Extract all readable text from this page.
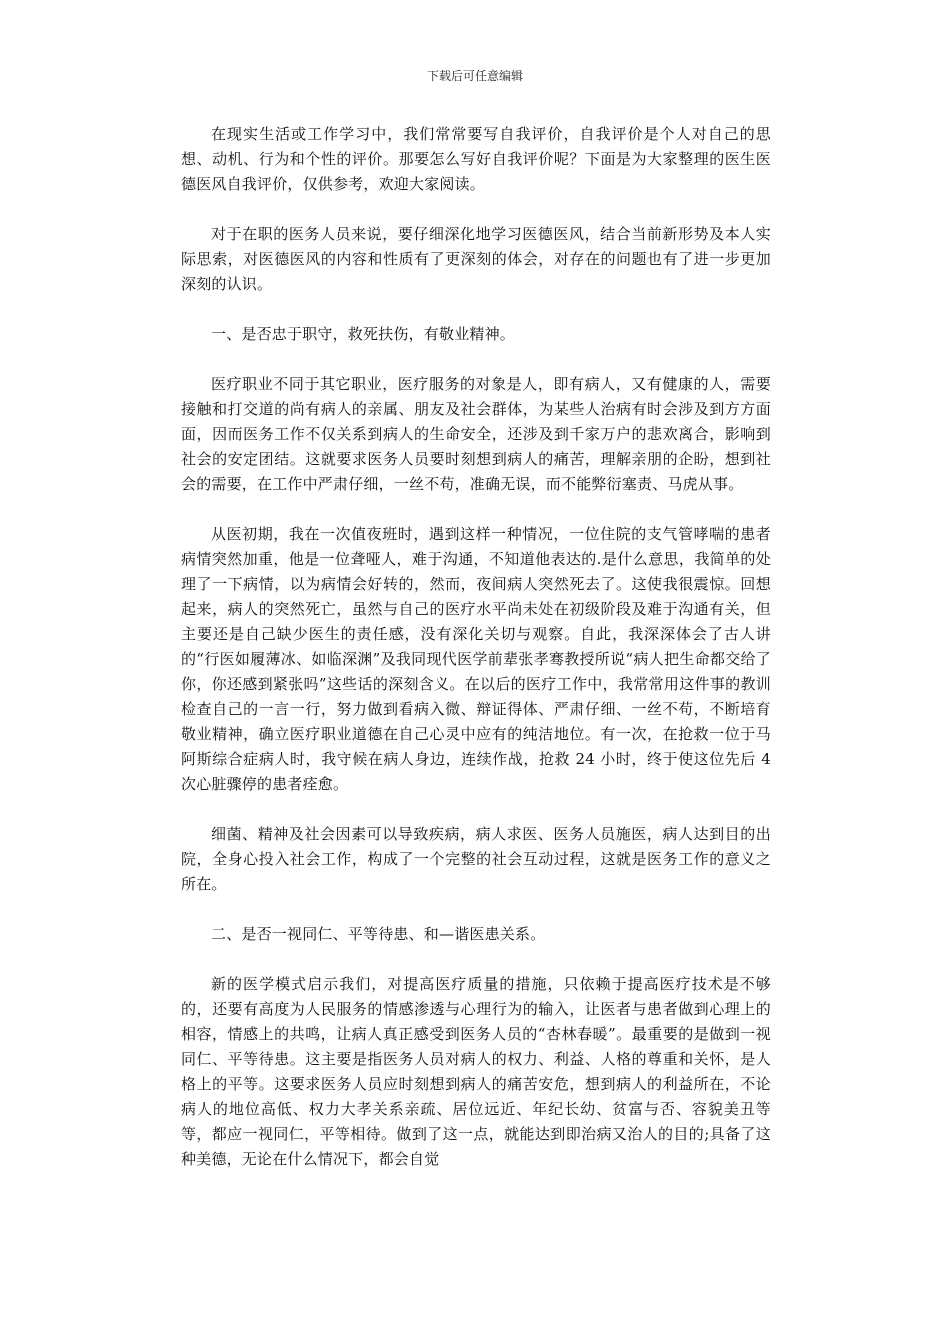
下载后可任意编辑

在现实生活或工作学习中，我们常常要写自我评价，自我评价是个人对自己的思想、动机、行为和个性的评价。那要怎么写好自我评价呢？下面是为大家整理的医生医德医风自我评价，仅供参考，欢迎大家阅读。

对于在职的医务人员来说，要仔细深化地学习医德医风，结合当前新形势及本人实际思索，对医德医风的内容和性质有了更深刻的体会，对存在的问题也有了进一步更加深刻的认识。

一、是否忠于职守，救死扶伤，有敬业精神。

医疗职业不同于其它职业，医疗服务的对象是人，即有病人，又有健康的人，需要接触和打交道的尚有病人的亲属、朋友及社会群体，为某些人治病有时会涉及到方方面面，因而医务工作不仅关系到病人的生命安全，还涉及到千家万户的悲欢离合，影响到社会的安定团结。这就要求医务人员要时刻想到病人的痛苦，理解亲朋的企盼，想到社会的需要，在工作中严肃仔细，一丝不苟，准确无误，而不能弊衍塞责、马虎从事。

从医初期，我在一次值夜班时，遇到这样一种情况，一位住院的支气管哮喘的患者病情突然加重，他是一位聋哑人，难于沟通，不知道他表达的.是什么意思，我简单的处理了一下病情，以为病情会好转的，然而，夜间病人突然死去了。这使我很震惊。回想起来，病人的突然死亡，虽然与自己的医疗水平尚未处在初级阶段及难于沟通有关，但主要还是自己缺少医生的责任感，没有深化关切与观察。自此，我深深体会了古人讲的“行医如履薄冰、如临深渊”及我同现代医学前辈张孝骞教授所说“病人把生命都交给了你，你还感到紧张吗”这些话的深刻含义。在以后的医疗工作中，我常常用这件事的教训检查自己的一言一行，努力做到看病入微、辩证得体、严肃仔细、一丝不苟，不断培育敬业精神，确立医疗职业道德在自己心灵中应有的纯洁地位。有一次，在抢救一位于马阿斯综合症病人时，我守候在病人身边，连续作战，抢救 24 小时，终于使这位先后 4 次心脏骤停的患者痊愈。

细菌、精神及社会因素可以导致疾病，病人求医、医务人员施医，病人达到目的出院，全身心投入社会工作，构成了一个完整的社会互动过程，这就是医务工作的意义之所在。

二、是否一视同仁、平等待患、和—谐医患关系。

新的医学模式启示我们，对提高医疗质量的措施，只依赖于提高医疗技术是不够的，还要有高度为人民服务的情感渗透与心理行为的输入，让医者与患者做到心理上的相容，情感上的共鸣，让病人真正感受到医务人员的“杏林春暖”。最重要的是做到一视同仁、平等待患。这主要是指医务人员对病人的权力、利益、人格的尊重和关怀，是人格上的平等。这要求医务人员应时刻想到病人的痛苦安危，想到病人的利益所在，不论病人的地位高低、权力大孝关系亲疏、居位远近、年纪长幼、贫富与否、容貌美丑等等，都应一视同仁，平等相待。做到了这一点，就能达到即治病又治人的目的;具备了这种美德，无论在什么情况下，都会自觉
